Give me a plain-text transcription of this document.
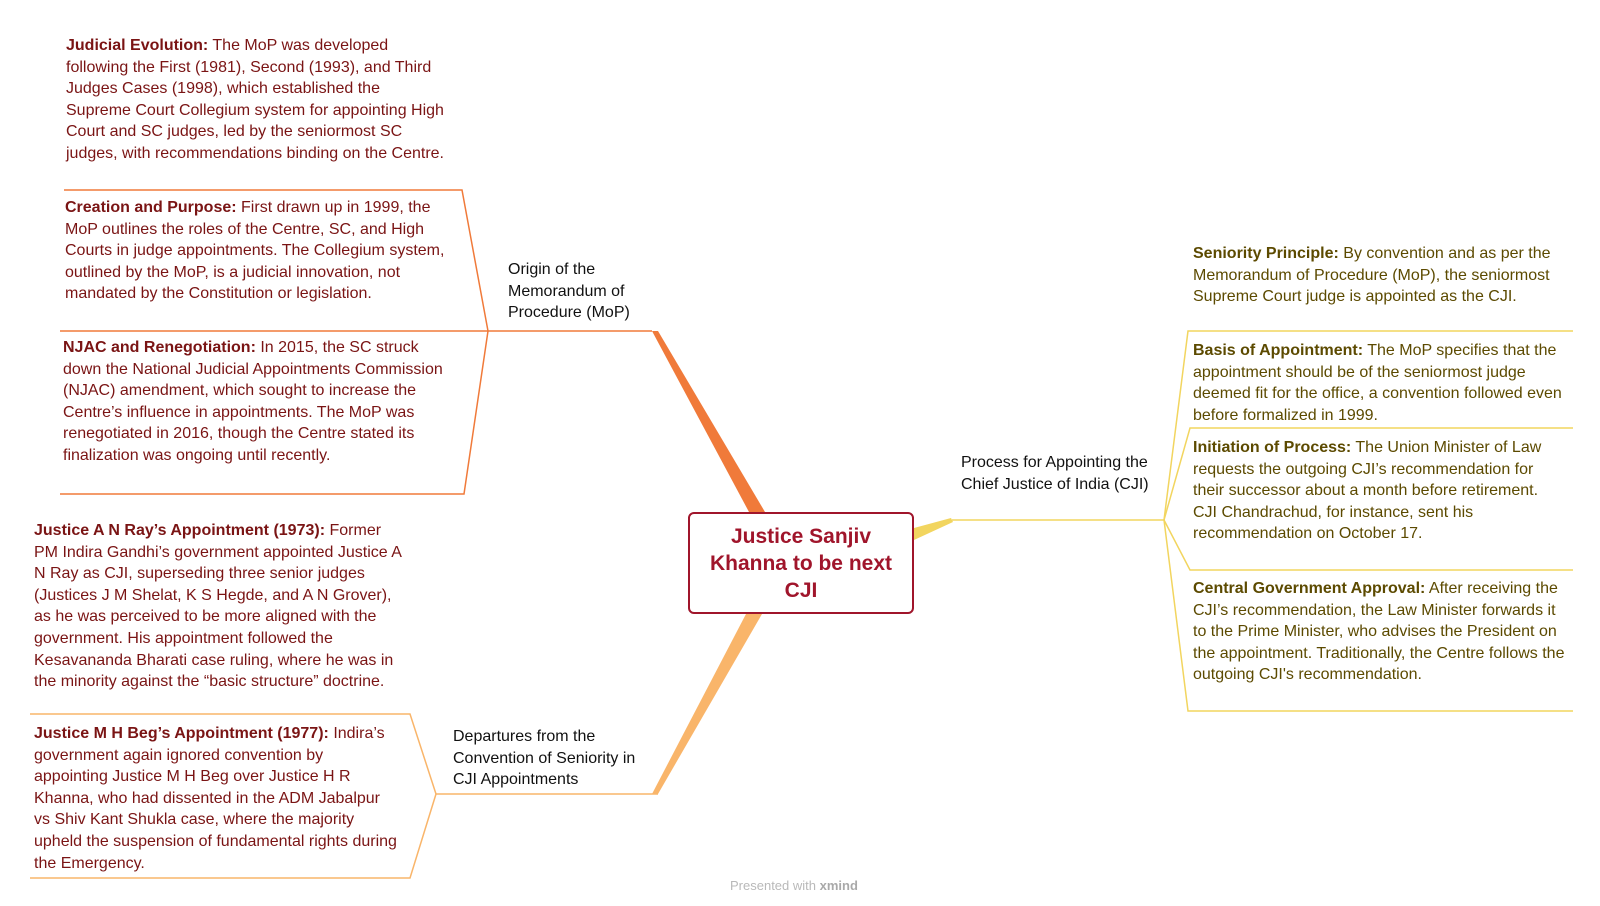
Justice Sanjiv Khanna to be next CJI
Origin of the Memorandum of Procedure (MoP)
Departures from the Convention of Seniority in CJI Appointments
Process for Appointing the Chief Justice of India (CJI)
Judicial Evolution: The MoP was developed following the First (1981), Second (1993), and Third Judges Cases (1998), which established the Supreme Court Collegium system for appointing High Court and SC judges, led by the seniormost SC judges, with recommendations binding on the Centre.
Creation and Purpose: First drawn up in 1999, the MoP outlines the roles of the Centre, SC, and High Courts in judge appointments. The Collegium system, outlined by the MoP, is a judicial innovation, not mandated by the Constitution or legislation.
NJAC and Renegotiation: In 2015, the SC struck down the National Judicial Appointments Commission (NJAC) amendment, which sought to increase the Centre’s influence in appointments. The MoP was renegotiated in 2016, though the Centre stated its finalization was ongoing until recently.
Justice A N Ray’s Appointment (1973): Former PM Indira Gandhi’s government appointed Justice A N Ray as CJI, superseding three senior judges (Justices J M Shelat, K S Hegde, and A N Grover), as he was perceived to be more aligned with the government. His appointment followed the Kesavananda Bharati case ruling, where he was in the minority against the “basic structure” doctrine.
Justice M H Beg’s Appointment (1977): Indira’s government again ignored convention by appointing Justice M H Beg over Justice H R Khanna, who had dissented in the ADM Jabalpur vs Shiv Kant Shukla case, where the majority upheld the suspension of fundamental rights during the Emergency.
Seniority Principle: By convention and as per the Memorandum of Procedure (MoP), the seniormost Supreme Court judge is appointed as the CJI.
Basis of Appointment: The MoP specifies that the appointment should be of the seniormost judge deemed fit for the office, a convention followed even before formalized in 1999.
Initiation of Process: The Union Minister of Law requests the outgoing CJI’s recommendation for their successor about a month before retirement. CJI Chandrachud, for instance, sent his recommendation on October 17.
Central Government Approval: After receiving the CJI’s recommendation, the Law Minister forwards it to the Prime Minister, who advises the President on the appointment. Traditionally, the Centre follows the outgoing CJI's recommendation.
Presented with xmind
